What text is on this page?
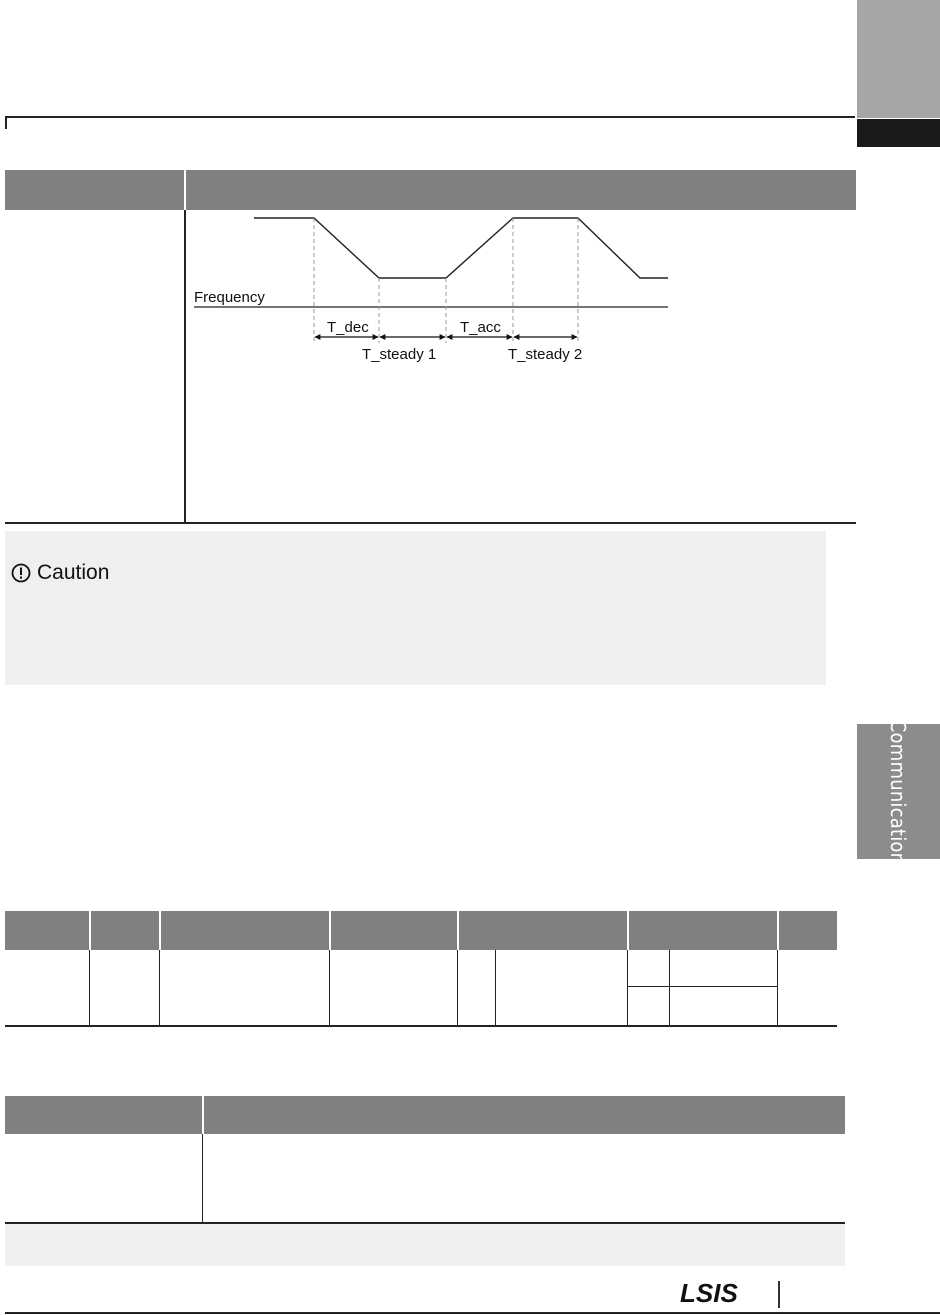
Communication
Frequency
T_dec	T_acc
T_steady 1	T_steady 2
Caution
LSIS
